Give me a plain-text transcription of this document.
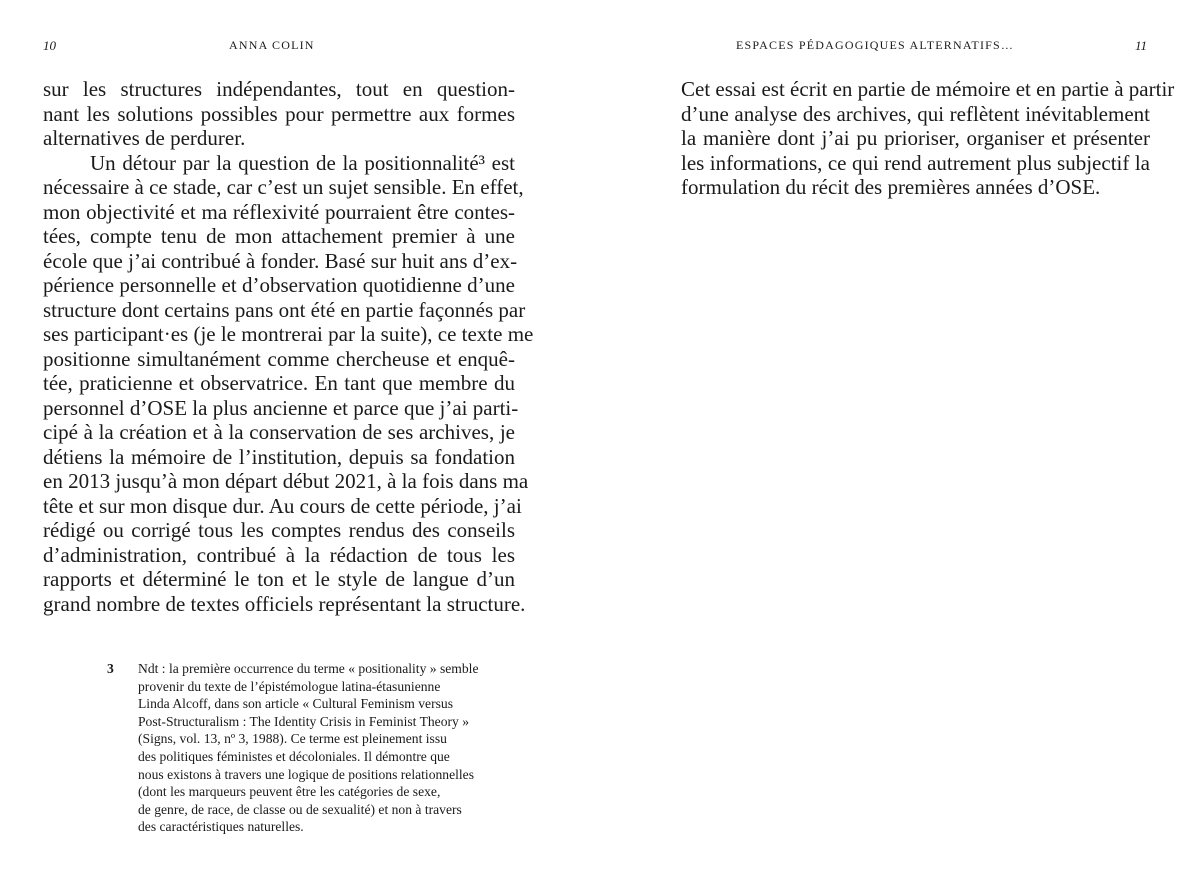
10	ANNA COLIN
sur les structures indépendantes, tout en question-
nant les solutions possibles pour permettre aux formes
alternatives de perdurer.
Un détour par la question de la positionnalité³ est
nécessaire à ce stade, car c’est un sujet sensible. En effet,
mon objectivité et ma réflexivité pourraient être contes-
tées, compte tenu de mon attachement premier à une
école que j’ai contribué à fonder. Basé sur huit ans d’ex-
périence personnelle et d’observation quotidienne d’une
structure dont certains pans ont été en partie façonnés par
ses participant·es (je le montrerai par la suite), ce texte me
positionne simultanément comme chercheuse et enquê-
tée, praticienne et observatrice. En tant que membre du
personnel d’OSE la plus ancienne et parce que j’ai parti-
cipé à la création et à la conservation de ses archives, je
détiens la mémoire de l’institution, depuis sa fondation
en 2013 jusqu’à mon départ début 2021, à la fois dans ma
tête et sur mon disque dur. Au cours de cette période, j’ai
rédigé ou corrigé tous les comptes rendus des conseils
d’administration, contribué à la rédaction de tous les
rapports et déterminé le ton et le style de langue d’un
grand nombre de textes officiels représentant la structure.
3 Ndt : la première occurrence du terme « positionality » semble
provenir du texte de l’épistémologue latina-étasunienne
Linda Alcoff, dans son article « Cultural Feminism versus
Post-Structuralism : The Identity Crisis in Feminist Theory »
(Signs, vol. 13, nº 3, 1988). Ce terme est pleinement issu
des politiques féministes et décoloniales. Il démontre que
nous existons à travers une logique de positions relationnelles
(dont les marqueurs peuvent être les catégories de sexe,
de genre, de race, de classe ou de sexualité) et non à travers
des caractéristiques naturelles.
ESPACES PÉDAGOGIQUES ALTERNATIFS…	11
Cet essai est écrit en partie de mémoire et en partie à partir
d’une analyse des archives, qui reflètent inévitablement
la manière dont j’ai pu prioriser, organiser et présenter
les informations, ce qui rend autrement plus subjectif la
formulation du récit des premières années d’OSE.
